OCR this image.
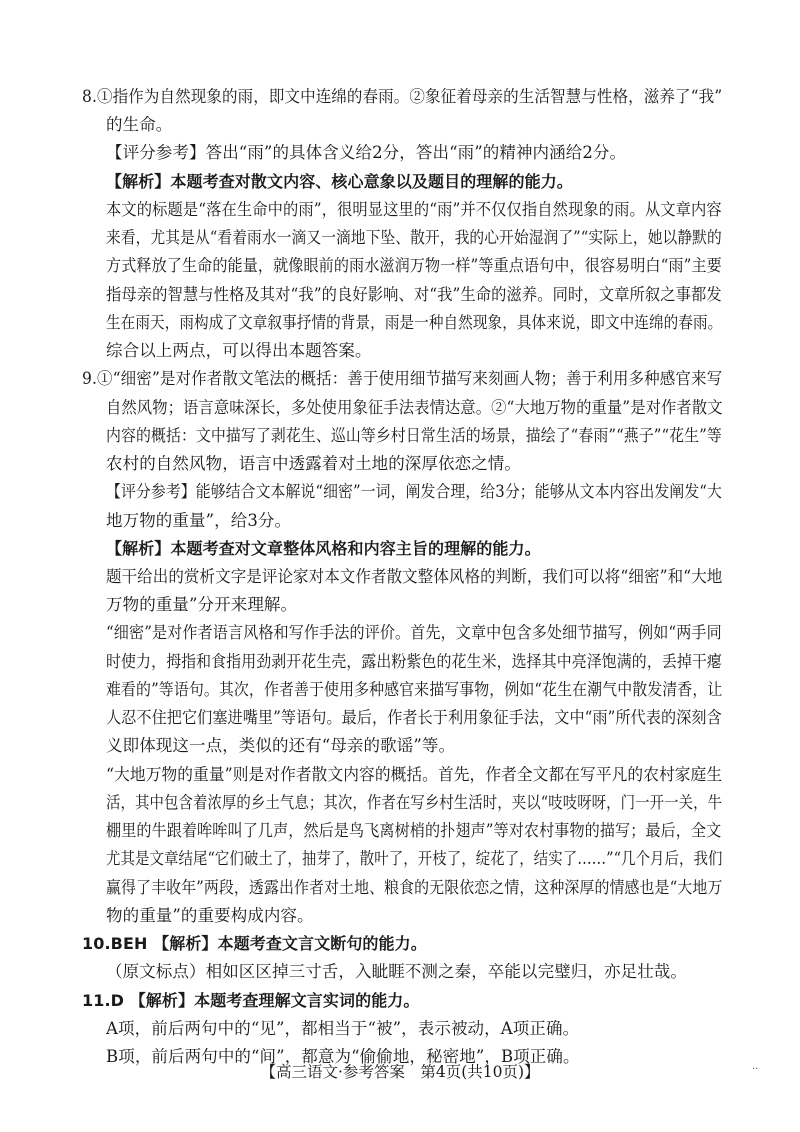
8.①指作为自然现象的雨，即文中连绵的春雨。②象征着母亲的生活智慧与性格，滋养了“我”
的生命。
【评分参考】答出“雨”的具体含义给2分，答出“雨”的精神内涵给2分。
【解析】本题考查对散文内容、核心意象以及题目的理解的能力。
本文的标题是“落在生命中的雨”，很明显这里的“雨”并不仅仅指自然现象的雨。从文章内容
来看，尤其是从“看着雨水一滴又一滴地下坠、散开，我的心开始湿润了”“实际上，她以静默的
方式释放了生命的能量，就像眼前的雨水滋润万物一样”等重点语句中，很容易明白“雨”主要
指母亲的智慧与性格及其对“我”的良好影响、对“我”生命的滋养。同时，文章所叙之事都发
生在雨天，雨构成了文章叙事抒情的背景，雨是一种自然现象，具体来说，即文中连绵的春雨。
综合以上两点，可以得出本题答案。
9.①“细密”是对作者散文笔法的概括：善于使用细节描写来刻画人物；善于利用多种感官来写
自然风物；语言意味深长，多处使用象征手法表情达意。②“大地万物的重量”是对作者散文
内容的概括：文中描写了剥花生、巡山等乡村日常生活的场景，描绘了“春雨”“燕子”“花生”等
农村的自然风物，语言中透露着对土地的深厚依恋之情。
【评分参考】能够结合文本解说“细密”一词，阐发合理，给3分；能够从文本内容出发阐发“大
地万物的重量”，给3分。
【解析】本题考查对文章整体风格和内容主旨的理解的能力。
题干给出的赏析文字是评论家对本文作者散文整体风格的判断，我们可以将“细密”和“大地
万物的重量”分开来理解。
“细密”是对作者语言风格和写作手法的评价。首先，文章中包含多处细节描写，例如“两手同
时使力，拇指和食指用劲剥开花生壳，露出粉紫色的花生米，选择其中亮泽饱满的，丢掉干瘪
难看的”等语句。其次，作者善于使用多种感官来描写事物，例如“花生在潮气中散发清香，让
人忍不住把它们塞进嘴里”等语句。最后，作者长于利用象征手法，文中“雨”所代表的深刻含
义即体现这一点，类似的还有“母亲的歌谣”等。
“大地万物的重量”则是对作者散文内容的概括。首先，作者全文都在写平凡的农村家庭生
活，其中包含着浓厚的乡土气息；其次，作者在写乡村生活时，夹以“吱吱呀呀，门一开一关，牛
棚里的牛跟着哞哞叫了几声，然后是鸟飞离树梢的扑翅声”等对农村事物的描写；最后，全文
尤其是文章结尾“它们破土了，抽芽了，散叶了，开枝了，绽花了，结实了……”“几个月后，我们
赢得了丰收年”两段，透露出作者对土地、粮食的无限依恋之情，这种深厚的情感也是“大地万
物的重量”的重要构成内容。
10.BEH 【解析】本题考查文言文断句的能力。
（原文标点）相如区区掉三寸舌，入眦睚不测之秦，卒能以完璧归，亦足壮哉。
11.D 【解析】本题考查理解文言实词的能力。
A项，前后两句中的“见”，都相当于“被”，表示被动，A项正确。
B项，前后两句中的“间”，都意为“偷偷地，秘密地”，B项正确。
【高三语文·参考答案　第4页(共10页)】	··
